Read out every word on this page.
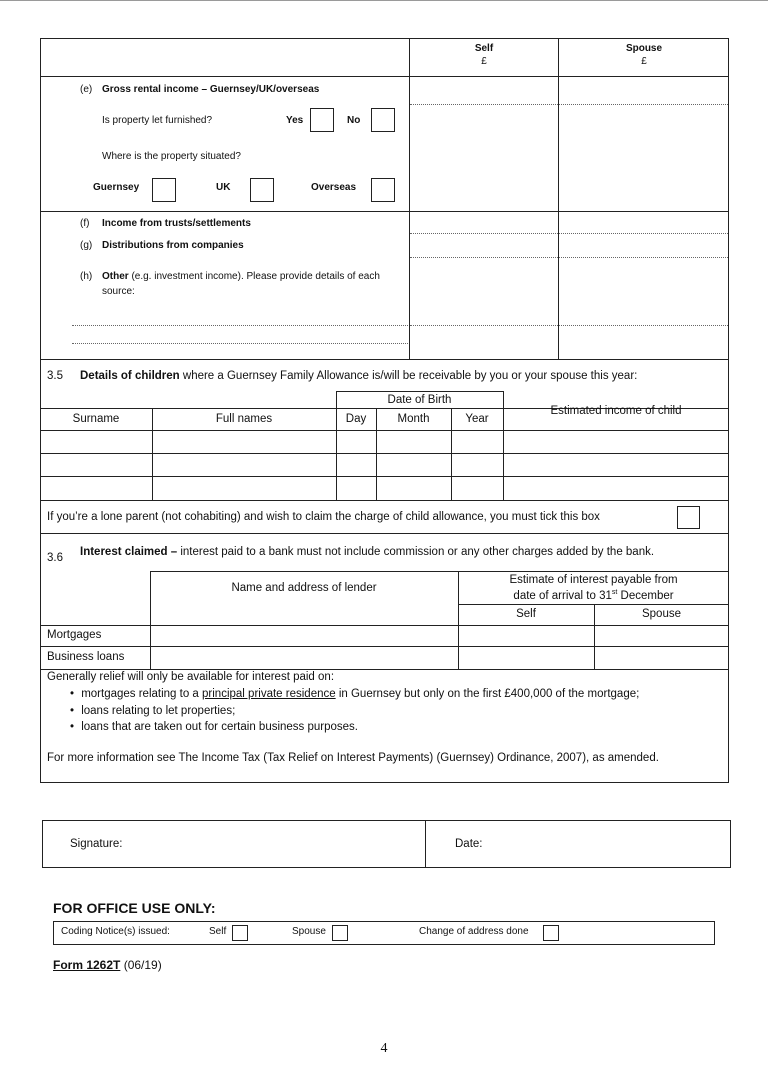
Self
£
Spouse
£
(e) Gross rental income – Guernsey/UK/overseas
Is property let furnished?	Yes	No
Where is the property situated?
Guernsey	UK	Overseas
(f) Income from trusts/settlements
(g) Distributions from companies
(h) Other (e.g. investment income). Please provide details of each
source:
3.5 Details of children where a Guernsey Family Allowance is/will be receivable by you or your spouse this year:
Date of Birth
Surname	Full names	Day	Month	Year
Estimated income of child
If you’re a lone parent (not cohabiting) and wish to claim the charge of child allowance, you must tick this box
3.6 Interest claimed – interest paid to a bank must not include commission or any other charges added by the bank.
Name and address of lender
Estimate of interest payable from
date of arrival to 31st December
Self	Spouse
Mortgages
Business loans
Generally relief will only be available for interest paid on:
• mortgages relating to a principal private residence in Guernsey but only on the first £400,000 of the mortgage;
• loans relating to let properties;
• loans that are taken out for certain business purposes.
For more information see The Income Tax (Tax Relief on Interest Payments) (Guernsey) Ordinance, 2007), as amended.
Signature:	Date:
FOR OFFICE USE ONLY:
Coding Notice(s) issued:	Self	Spouse	Change of address done
Form 1262T (06/19)
4
